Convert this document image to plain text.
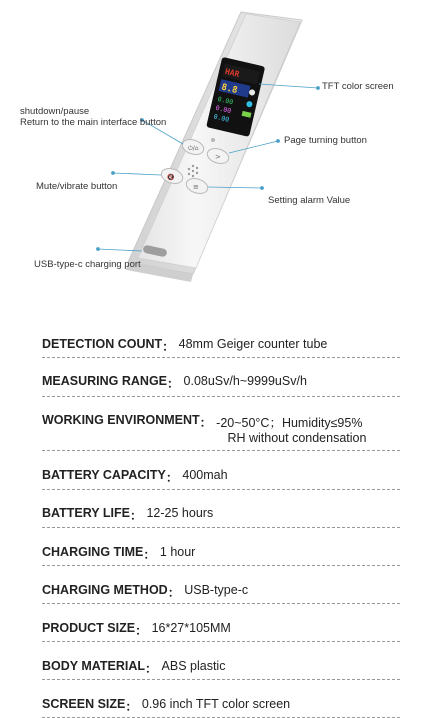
HAR
8.8
0.00
0.00
0.00
⏻/⌂
>
🔇
≡
TFT color screen
shutdown/pause
Return to the main interface button
Page turning button
Mute/vibrate button
Setting alarm Value
USB-type-c charging port
DETECTION COUNT ： 48mm Geiger counter tube
MEASURING RANGE ： 0.08uSv/h~9999uSv/h
WORKING ENVIRONMENT ： -20~50°C；Humidity≤95%
RH without condensation
BATTERY CAPACITY ： 400mah
BATTERY LIFE ： 12-25 hours
CHARGING TIME ： 1 hour
CHARGING METHOD ： USB-type-c
PRODUCT SIZE ： 16*27*105MM
BODY MATERIAL ： ABS plastic
SCREEN SIZE ： 0.96 inch TFT color screen
